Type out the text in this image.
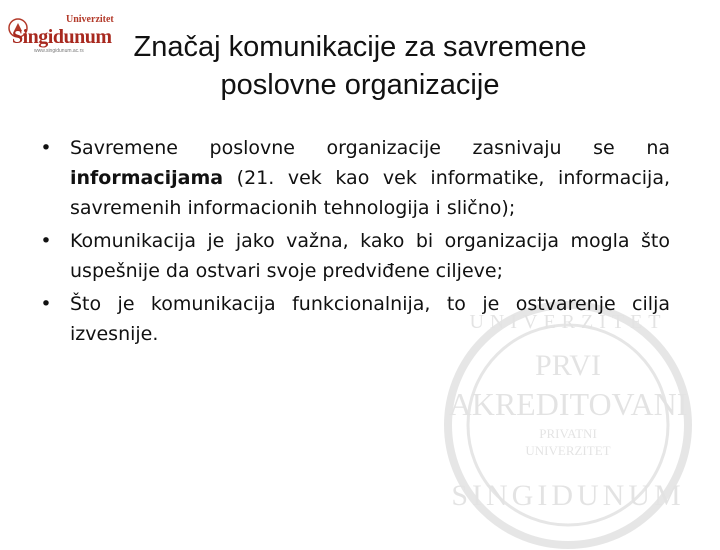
Univerzitet
Singidunum
www.singidunum.ac.rs	Značaj komunikacije za savremene
poslovne organizacije
PRVI
AKREDITOVANI
PRIVATNI
UNIVERZITET
SINGIDUNUM
UNIVERZITET
• Savremene poslovne organizacije zasnivaju se na informacijama (21. vek kao vek informatike, informacija, savremenih informacionih tehnologija i slično);
• Komunikacija je jako važna, kako bi organizacija mogla što uspešnije da ostvari svoje predviđene ciljeve;
• Što je komunikacija funkcionalnija, to je ostvarenje cilja izvesnije.
